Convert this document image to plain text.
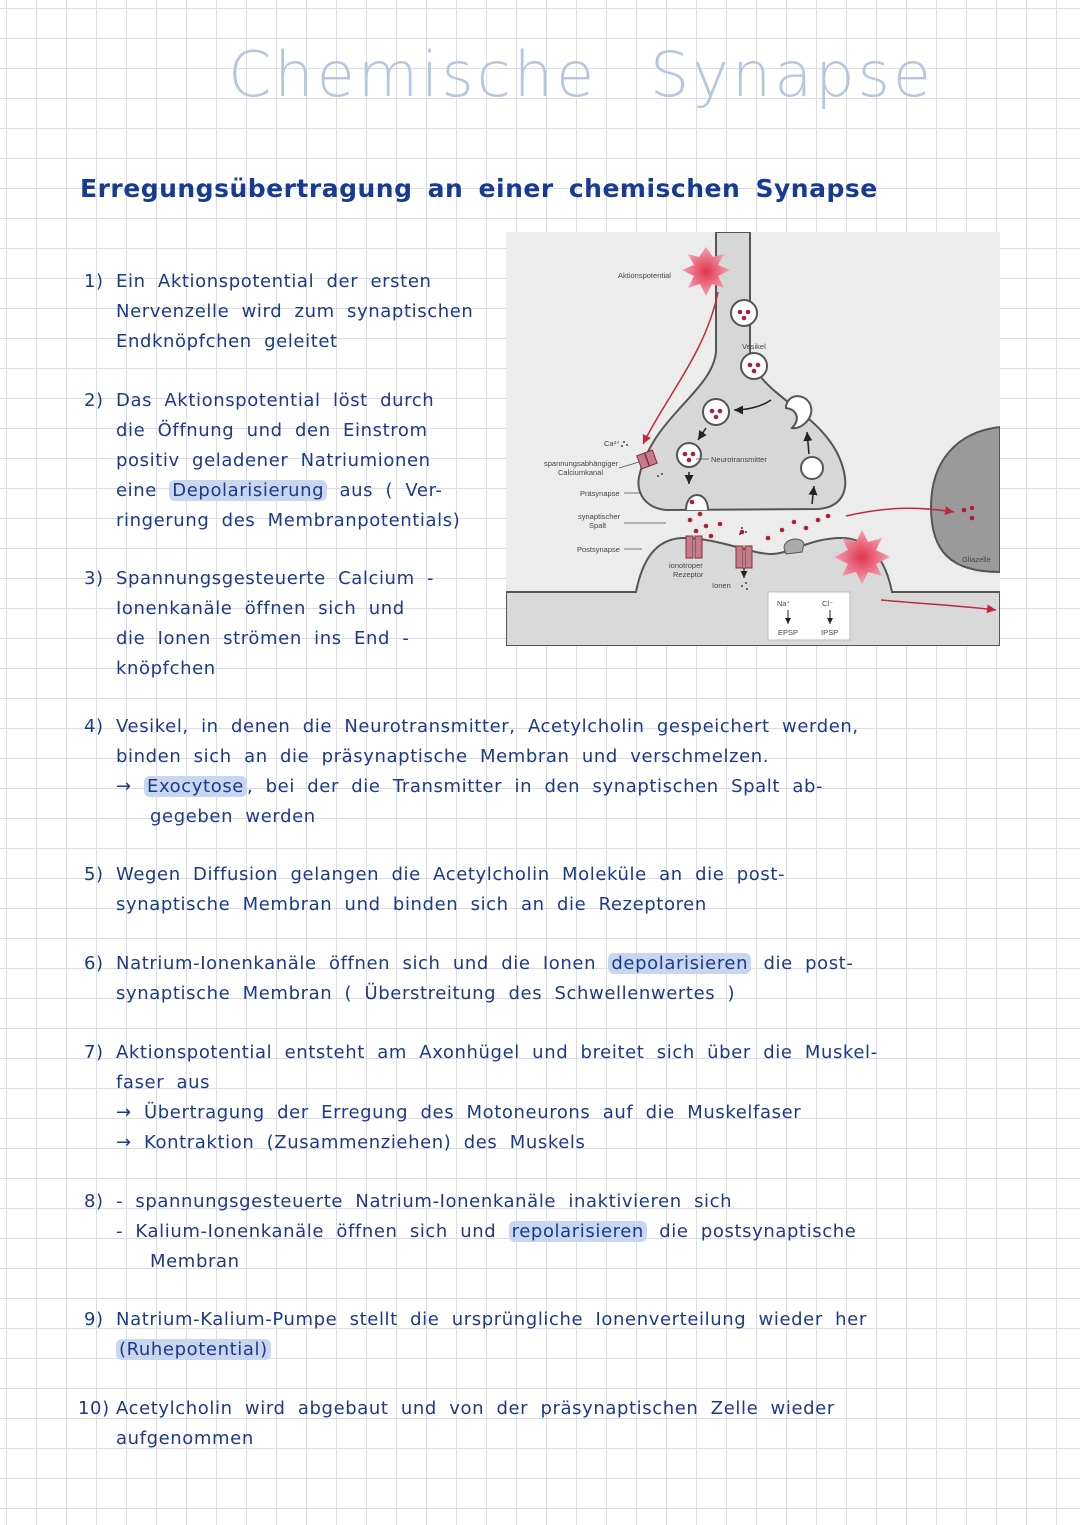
Chemische Synapse
Erregungsübertragung an einer chemischen Synapse
1) Ein Aktionspotential der ersten
Nervenzelle wird zum synaptischen
Endknöpfchen geleitet
2) Das Aktionspotential löst durch
die Öffnung und den Einstrom
positiv geladener Natriumionen
eine Depolarisierung aus ( Ver-
ringerung des Membranpotentials)
3) Spannungsgesteuerte Calcium -
Ionenkanäle öffnen sich und
die Ionen strömen ins End -
knöpfchen
Gliazelle
Aktionspotential
Vesikel
Neurotransmitter
Ca²⁺
spannungsabhängiger
Calciumkanal
Präsynapse
synaptischer
Spalt
Postsynapse
ionotroper
Rezeptor
Ionen
Na⁺	Cl⁻
EPSP	IPSP
4) Vesikel, in denen die Neurotransmitter, Acetylcholin gespeichert werden,
binden sich an die präsynaptische Membran und verschmelzen.
→ Exocytose , bei der die Transmitter in den synaptischen Spalt ab-
gegeben werden
5) Wegen Diffusion gelangen die Acetylcholin Moleküle an die post-
synaptische Membran und binden sich an die Rezeptoren
6) Natrium-Ionenkanäle öffnen sich und die Ionen depolarisieren die post-
synaptische Membran ( Überstreitung des Schwellenwertes )
7) Aktionspotential entsteht am Axonhügel und breitet sich über die Muskel-
faser aus
→ Übertragung der Erregung des Motoneurons auf die Muskelfaser
→ Kontraktion (Zusammenziehen) des Muskels
8) - spannungsgesteuerte Natrium-Ionenkanäle inaktivieren sich
- Kalium-Ionenkanäle öffnen sich und repolarisieren die postsynaptische
Membran
9) Natrium-Kalium-Pumpe stellt die ursprüngliche Ionenverteilung wieder her
(Ruhepotential)
10) Acetylcholin wird abgebaut und von der präsynaptischen Zelle wieder
aufgenommen
